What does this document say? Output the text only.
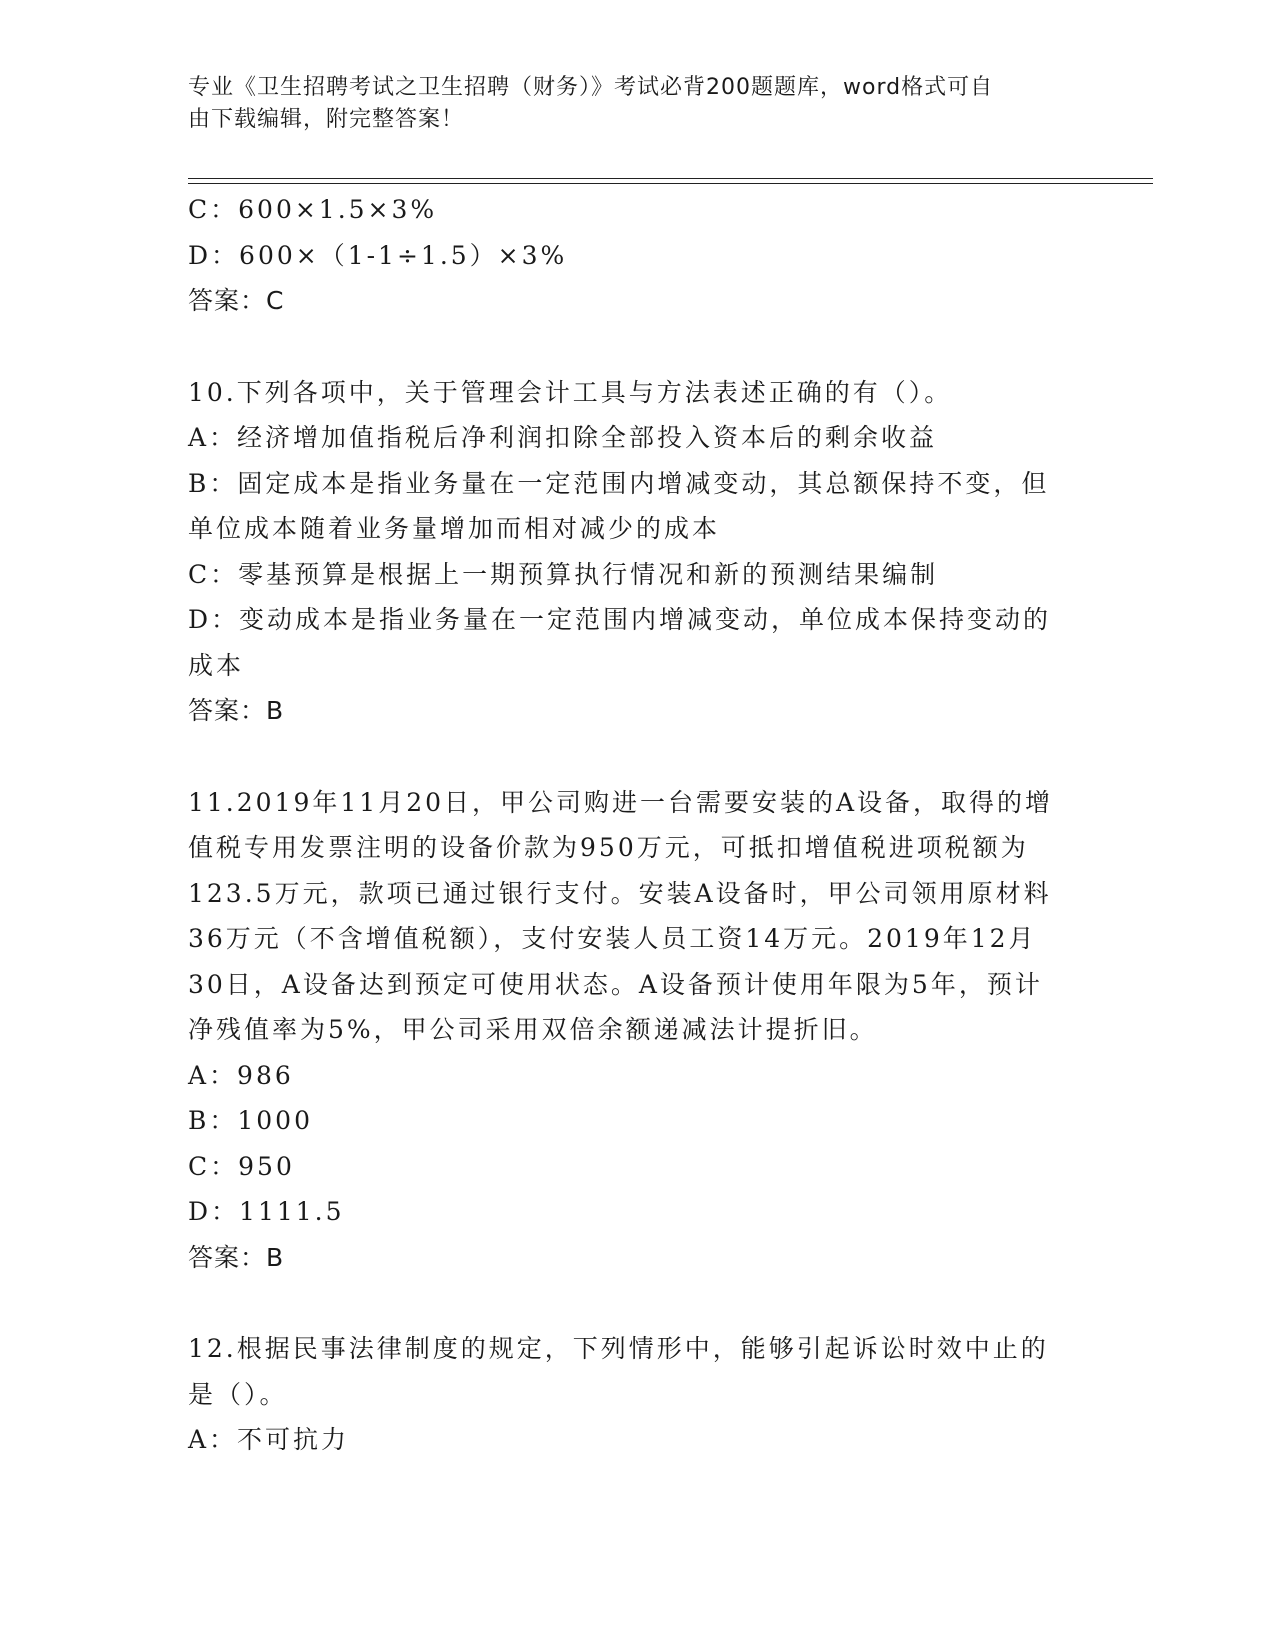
专业《卫生招聘考试之卫生招聘（财务）》考试必背200题题库，word格式可自
由下载编辑，附完整答案！
C：600×1.5×3%
D：600×（1-1÷1.5）×3%
答案：C
10.下列各项中，关于管理会计工具与方法表述正确的有（）。
A：经济增加值指税后净利润扣除全部投入资本后的剩余收益
B：固定成本是指业务量在一定范围内增减变动，其总额保持不变，但
单位成本随着业务量增加而相对减少的成本
C：零基预算是根据上一期预算执行情况和新的预测结果编制
D：变动成本是指业务量在一定范围内增减变动，单位成本保持变动的
成本
答案：B
11.2019年11月20日，甲公司购进一台需要安装的A设备，取得的增
值税专用发票注明的设备价款为950万元，可抵扣增值税进项税额为
123.5万元，款项已通过银行支付。安装A设备时，甲公司领用原材料
36万元（不含增值税额），支付安装人员工资14万元。2019年12月
30日，A设备达到预定可使用状态。A设备预计使用年限为5年，预计
净残值率为5%，甲公司采用双倍余额递减法计提折旧。
A：986
B：1000
C：950
D：1111.5
答案：B
12.根据民事法律制度的规定，下列情形中，能够引起诉讼时效中止的
是（）。
A：不可抗力
